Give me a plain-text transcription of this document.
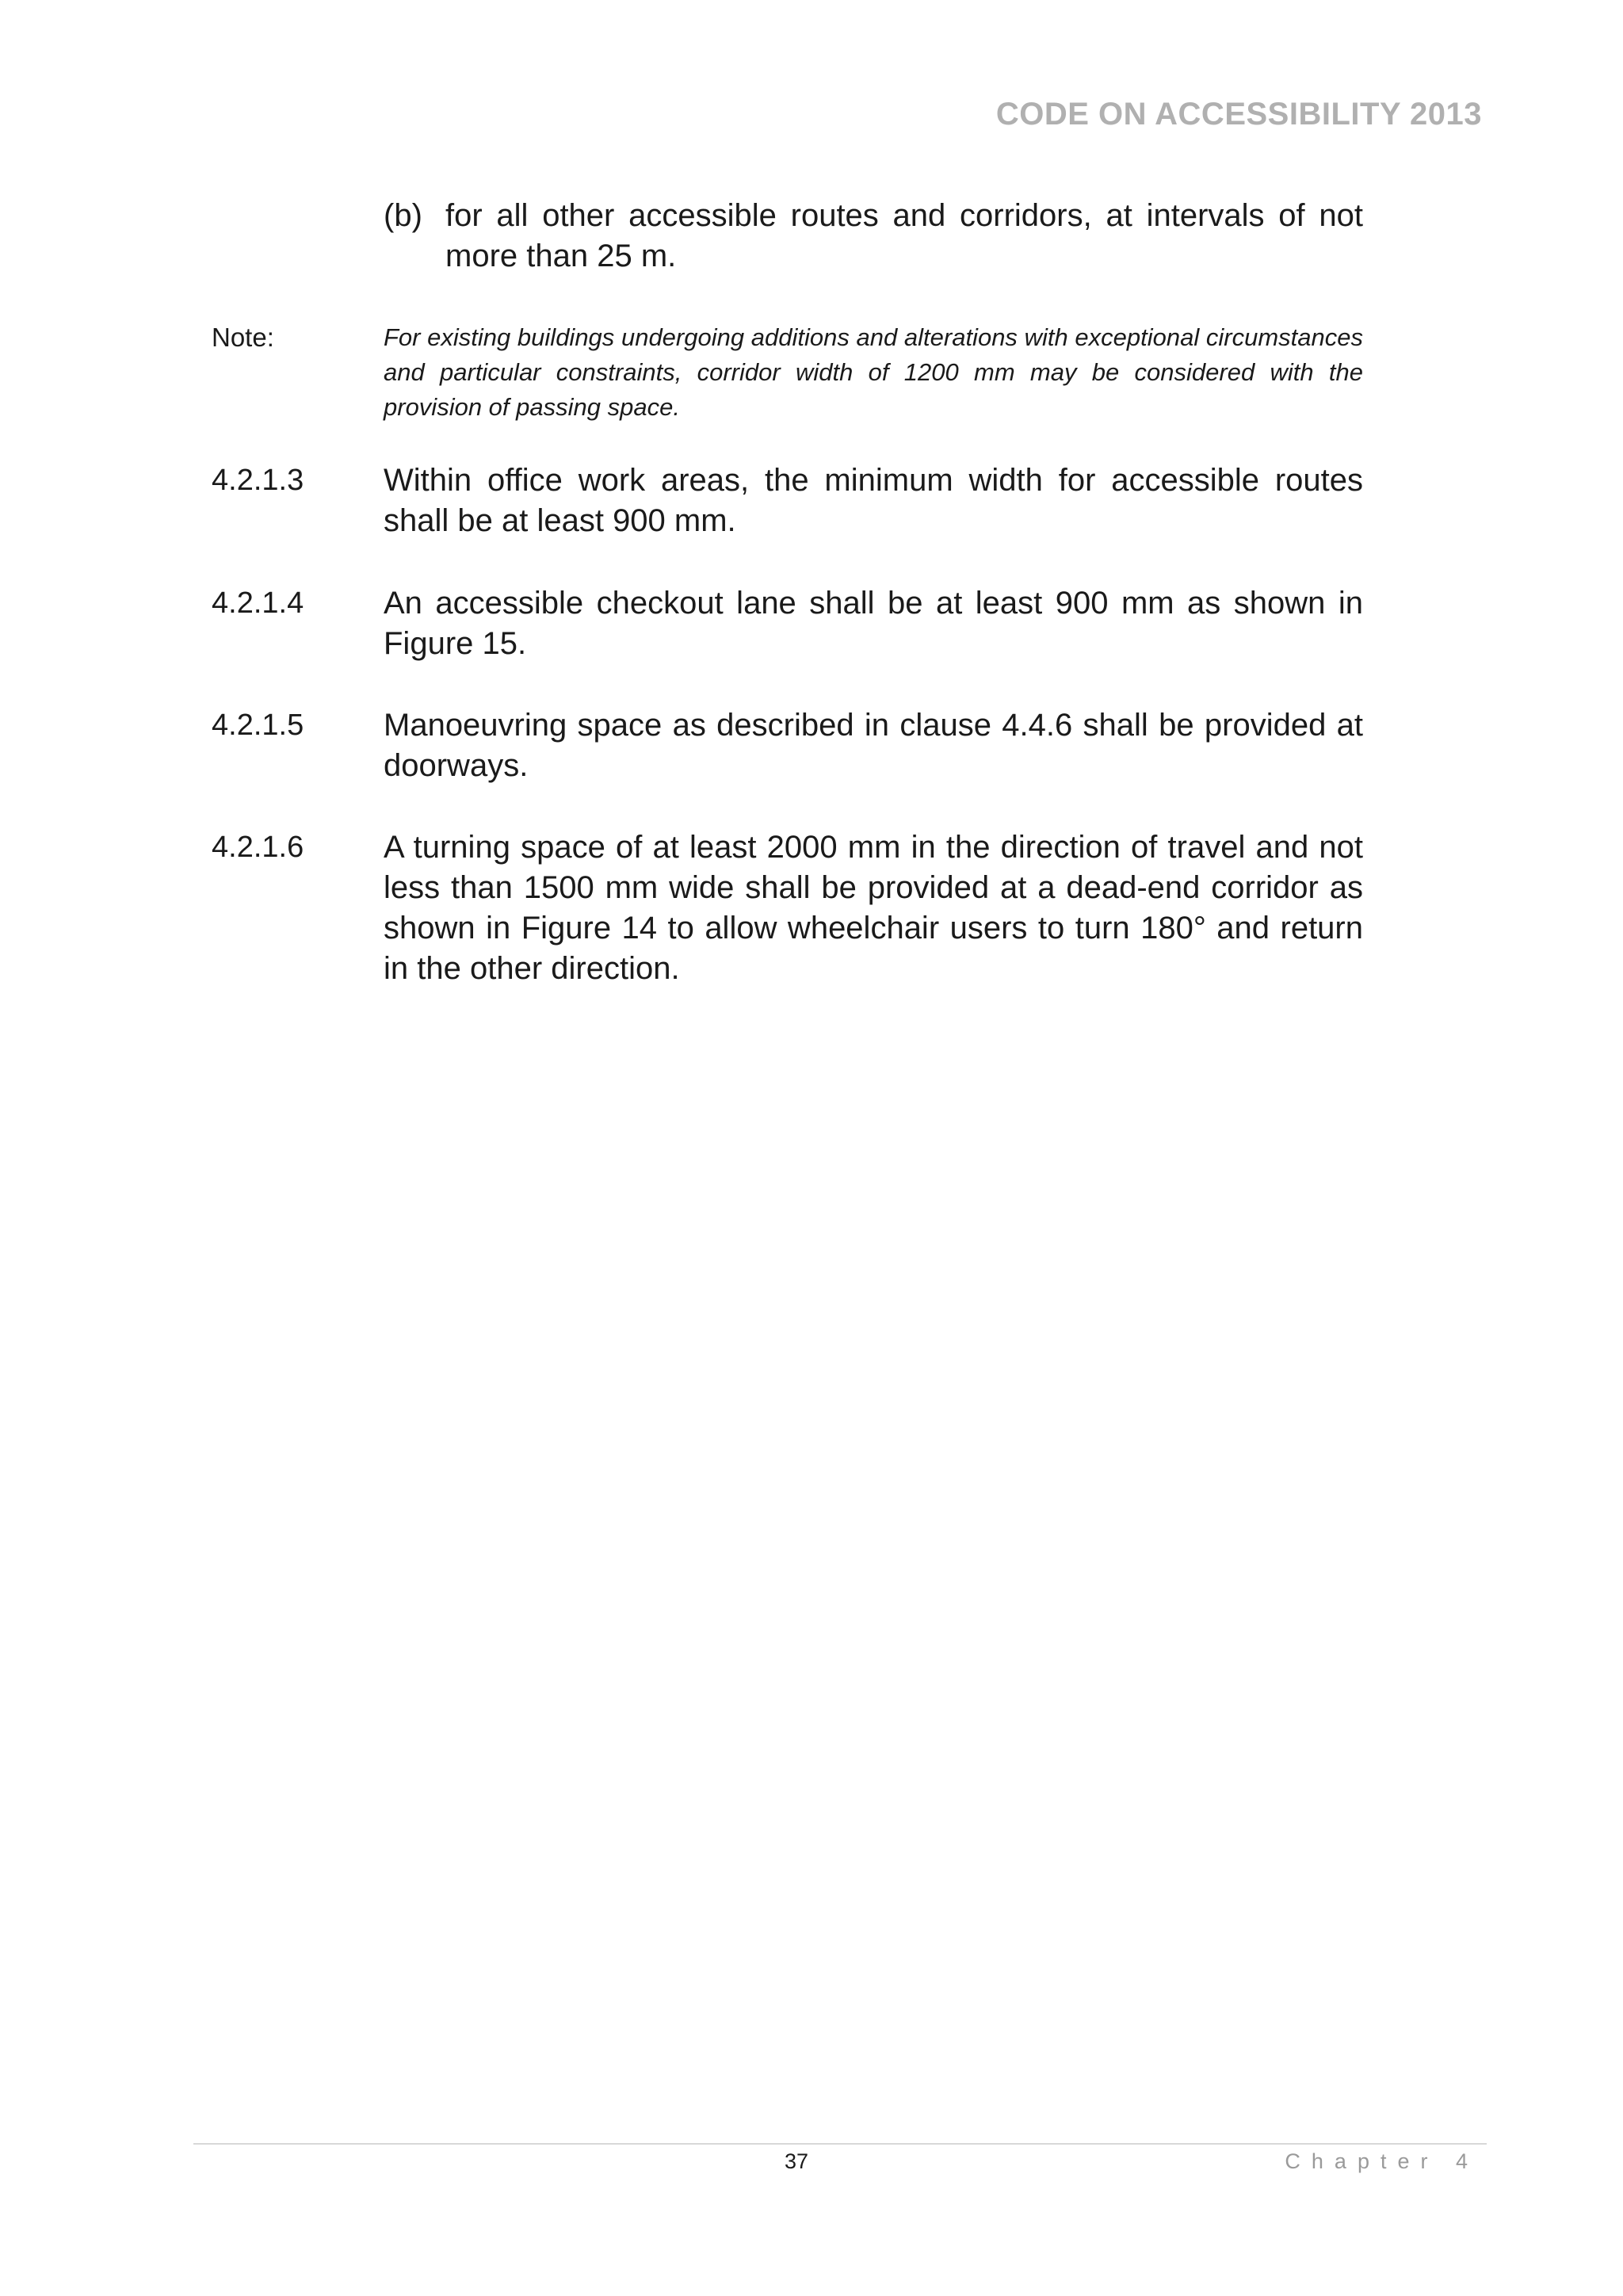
CODE ON ACCESSIBILITY 2013
(b) for all other accessible routes and corridors, at intervals of not more than 25 m.
Note:	For existing buildings undergoing additions and alterations with exceptional circumstances and particular constraints, corridor width of 1200 mm may be considered with the provision of passing space.
4.2.1.3	Within office work areas, the minimum width for accessible routes shall be at least 900 mm.
4.2.1.4	An accessible checkout lane shall be at least 900 mm as shown in Figure 15.
4.2.1.5	Manoeuvring space as described in clause 4.4.6 shall be provided at doorways.
4.2.1.6	A turning space of at least 2000 mm in the direction of travel and not less than 1500 mm wide shall be provided at a dead-end corridor as shown in Figure 14 to allow wheelchair users to turn 180° and return in the other direction.
37	Chapter 4
